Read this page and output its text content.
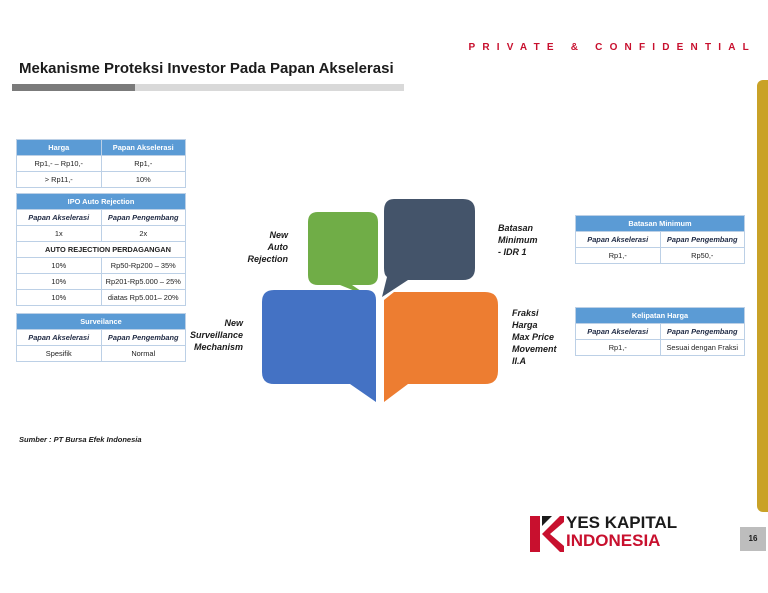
PRIVATE & CONFIDENTIAL
Mekanisme Proteksi Investor Pada Papan Akselerasi
Harga	Papan Akselerasi
Rp1,- – Rp10,-	Rp1,-
> Rp11,-	10%
IPO Auto Rejection	
Papan Akselerasi	Papan Pengembang
1x	2x
AUTO REJECTION PERDAGANGAN	
10%	Rp50-Rp200 – 35%
10%	Rp201-Rp5.000 – 25%
10%	diatas Rp5.001– 20%
Surveilance	
Papan Akselerasi	Papan Pengembang
Spesifik	Normal
Batasan Minimum	
Papan Akselerasi	Papan Pengembang
Rp1,-	Rp50,-
Kelipatan Harga	
Papan Akselerasi	Papan Pengembang
Rp1,-	Sesuai dengan Fraksi
New
Auto
Rejection
New
Surveillance
Mechanism
Batasan
Minimum
- IDR 1
Fraksi
Harga
Max Price
Movement
II.A
Sumber : PT Bursa Efek Indonesia
YES KAPITAL
INDONESIA	16
